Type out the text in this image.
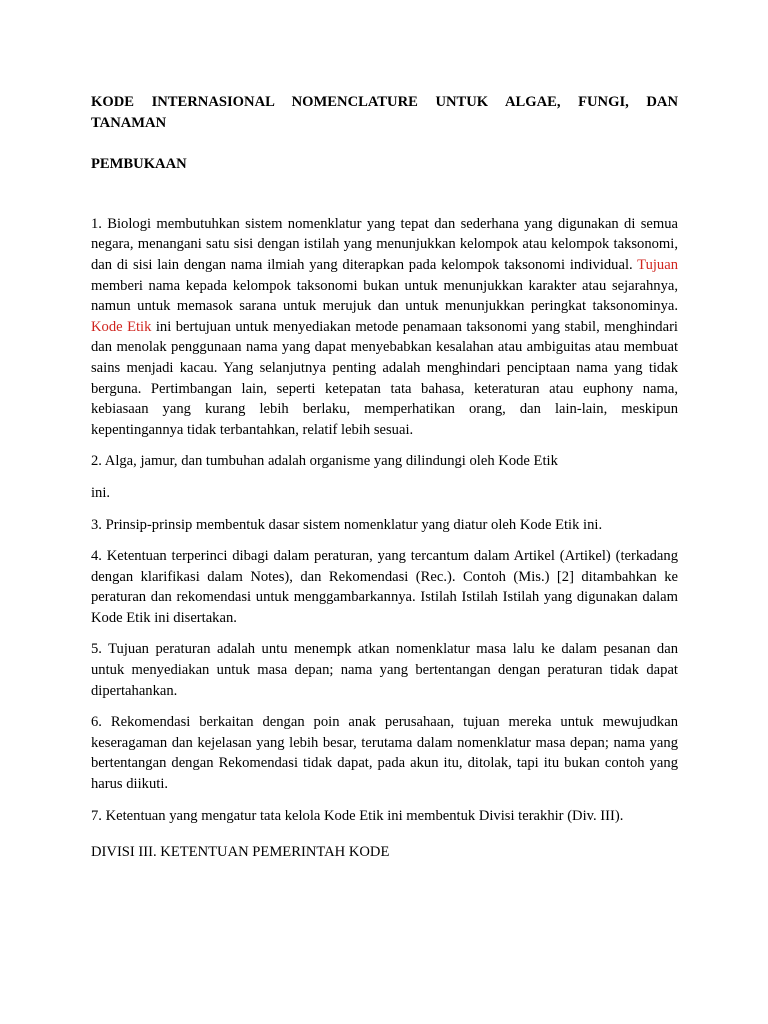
KODE INTERNASIONAL NOMENCLATURE UNTUK ALGAE, FUNGI, DAN
TANAMAN
PEMBUKAAN

1. Biologi membutuhkan sistem nomenklatur yang tepat dan sederhana yang digunakan di semua negara, menangani satu sisi dengan istilah yang menunjukkan kelompok atau kelompok taksonomi, dan di sisi lain dengan nama ilmiah yang diterapkan pada kelompok taksonomi individual. Tujuan memberi nama kepada kelompok taksonomi bukan untuk menunjukkan karakter atau sejarahnya, namun untuk memasok sarana untuk merujuk dan untuk menunjukkan peringkat taksonominya. Kode Etik ini bertujuan untuk menyediakan metode penamaan taksonomi yang stabil, menghindari dan menolak penggunaan nama yang dapat menyebabkan kesalahan atau ambiguitas atau membuat sains menjadi kacau. Yang selanjutnya penting adalah menghindari penciptaan nama yang tidak berguna. Pertimbangan lain, seperti ketepatan tata bahasa, keteraturan atau euphony nama, kebiasaan yang kurang lebih berlaku, memperhatikan orang, dan lain-lain, meskipun kepentingannya tidak terbantahkan, relatif lebih sesuai.

2. Alga, jamur, dan tumbuhan adalah organisme yang dilindungi oleh Kode Etik

ini.

3. Prinsip-prinsip membentuk dasar sistem nomenklatur yang diatur oleh Kode Etik ini.

4. Ketentuan terperinci dibagi dalam peraturan, yang tercantum dalam Artikel (Artikel) (terkadang dengan klarifikasi dalam Notes), dan Rekomendasi (Rec.). Contoh (Mis.) [2] ditambahkan ke peraturan dan rekomendasi untuk menggambarkannya. Istilah Istilah Istilah yang digunakan dalam Kode Etik ini disertakan.

5. Tujuan peraturan adalah untu menempk atkan nomenklatur masa lalu ke dalam pesanan dan untuk menyediakan untuk masa depan; nama yang bertentangan dengan peraturan tidak dapat dipertahankan.

6. Rekomendasi berkaitan dengan poin anak perusahaan, tujuan mereka untuk mewujudkan keseragaman dan kejelasan yang lebih besar, terutama dalam nomenklatur masa depan; nama yang bertentangan dengan Rekomendasi tidak dapat, pada akun itu, ditolak, tapi itu bukan contoh yang harus diikuti.

7. Ketentuan yang mengatur tata kelola Kode Etik ini membentuk Divisi terakhir (Div. III).

DIVISI III. KETENTUAN PEMERINTAH KODE
